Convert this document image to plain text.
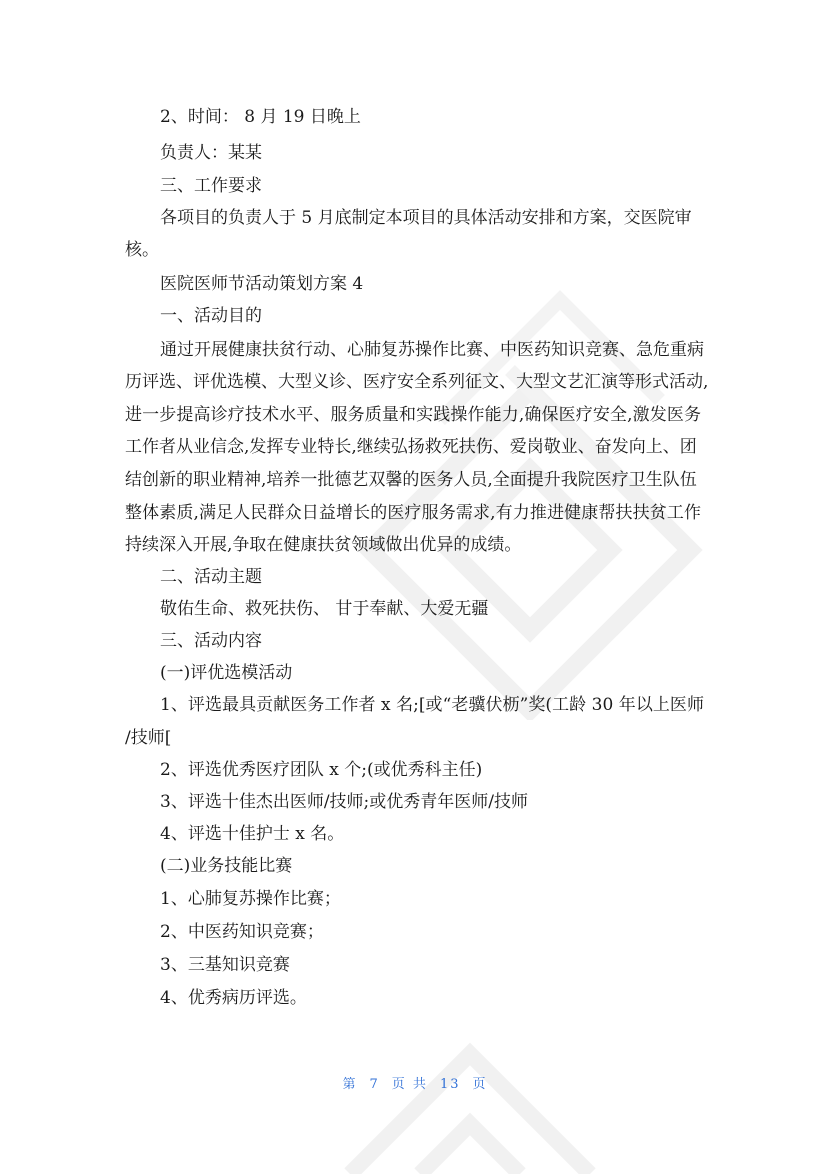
2、时间： 8 月 19 日晚上
负责人：某某
三、工作要求
各项目的负责人于 5 月底制定本项目的具体活动安排和方案，交医院审
核。
医院医师节活动策划方案 4
一、活动目的
通过开展健康扶贫行动、心肺复苏操作比赛、中医药知识竞赛、急危重病
历评选、评优选模、大型义诊、医疗安全系列征文、大型文艺汇演等形式活动,
进一步提高诊疗技术水平、服务质量和实践操作能力,确保医疗安全,激发医务
工作者从业信念,发挥专业特长,继续弘扬救死扶伤、爱岗敬业、奋发向上、团
结创新的职业精神,培养一批德艺双馨的医务人员,全面提升我院医疗卫生队伍
整体素质,满足人民群众日益增长的医疗服务需求,有力推进健康帮扶扶贫工作
持续深入开展,争取在健康扶贫领域做出优异的成绩。
二、活动主题
敬佑生命、救死扶伤、 甘于奉献、大爱无疆
三、活动内容
(一)评优选模活动
1、评选最具贡献医务工作者 x 名;[或“老骥伏枥”奖(工龄 30 年以上医师
/技师[
2、评选优秀医疗团队 x 个;(或优秀科主任)
3、评选十佳杰出医师/技师;或优秀青年医师/技师
4、评选十佳护士 x 名。
(二)业务技能比赛
1、心肺复苏操作比赛；
2、中医药知识竞赛；
3、三基知识竞赛
4、优秀病历评选。
第 7 页 共 13 页
